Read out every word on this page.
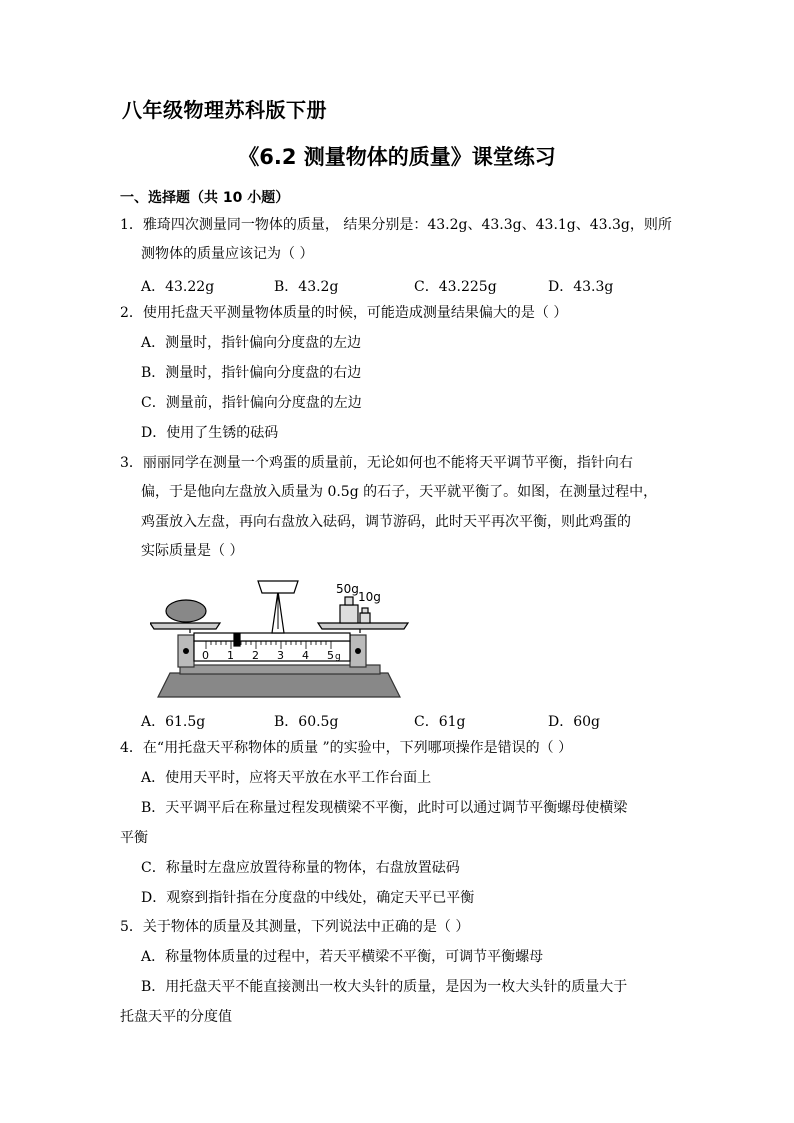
八年级物理苏科版下册
《6.2 测量物体的质量》课堂练习
一、选择题（共 10 小题）
1．雅琦四次测量同一物体的质量， 结果分别是：43.2g、43.3g、43.1g、43.3g，则所
测物体的质量应该记为（ ）
A．43.22g	B．43.2g	C．43.225g	D．43.3g
2．使用托盘天平测量物体质量的时候，可能造成测量结果偏大的是（ ）
A．测量时，指针偏向分度盘的左边
B．测量时，指针偏向分度盘的右边
C．测量前，指针偏向分度盘的左边
D．使用了生锈的砝码
3．丽丽同学在测量一个鸡蛋的质量前，无论如何也不能将天平调节平衡，指针向右
偏，于是他向左盘放入质量为 0.5g 的石子，天平就平衡了。如图，在测量过程中，
鸡蛋放入左盘，再向右盘放入砝码，调节游码，此时天平再次平衡，则此鸡蛋的
实际质量是（ ）
0 1 2 3 4 5 g
50g
10g
A．61.5g	B．60.5g	C．61g	D．60g
4．在“用托盘天平称物体的质量 ”的实验中，下列哪项操作是错误的（ ）
A．使用天平时，应将天平放在水平工作台面上
B．天平调平后在称量过程发现横梁不平衡，此时可以通过调节平衡螺母使横梁
平衡
C．称量时左盘应放置待称量的物体，右盘放置砝码
D．观察到指针指在分度盘的中线处，确定天平已平衡
5．关于物体的质量及其测量，下列说法中正确的是（ ）
A．称量物体质量的过程中，若天平横梁不平衡，可调节平衡螺母
B．用托盘天平不能直接测出一枚大头针的质量，是因为一枚大头针的质量大于
托盘天平的分度值
